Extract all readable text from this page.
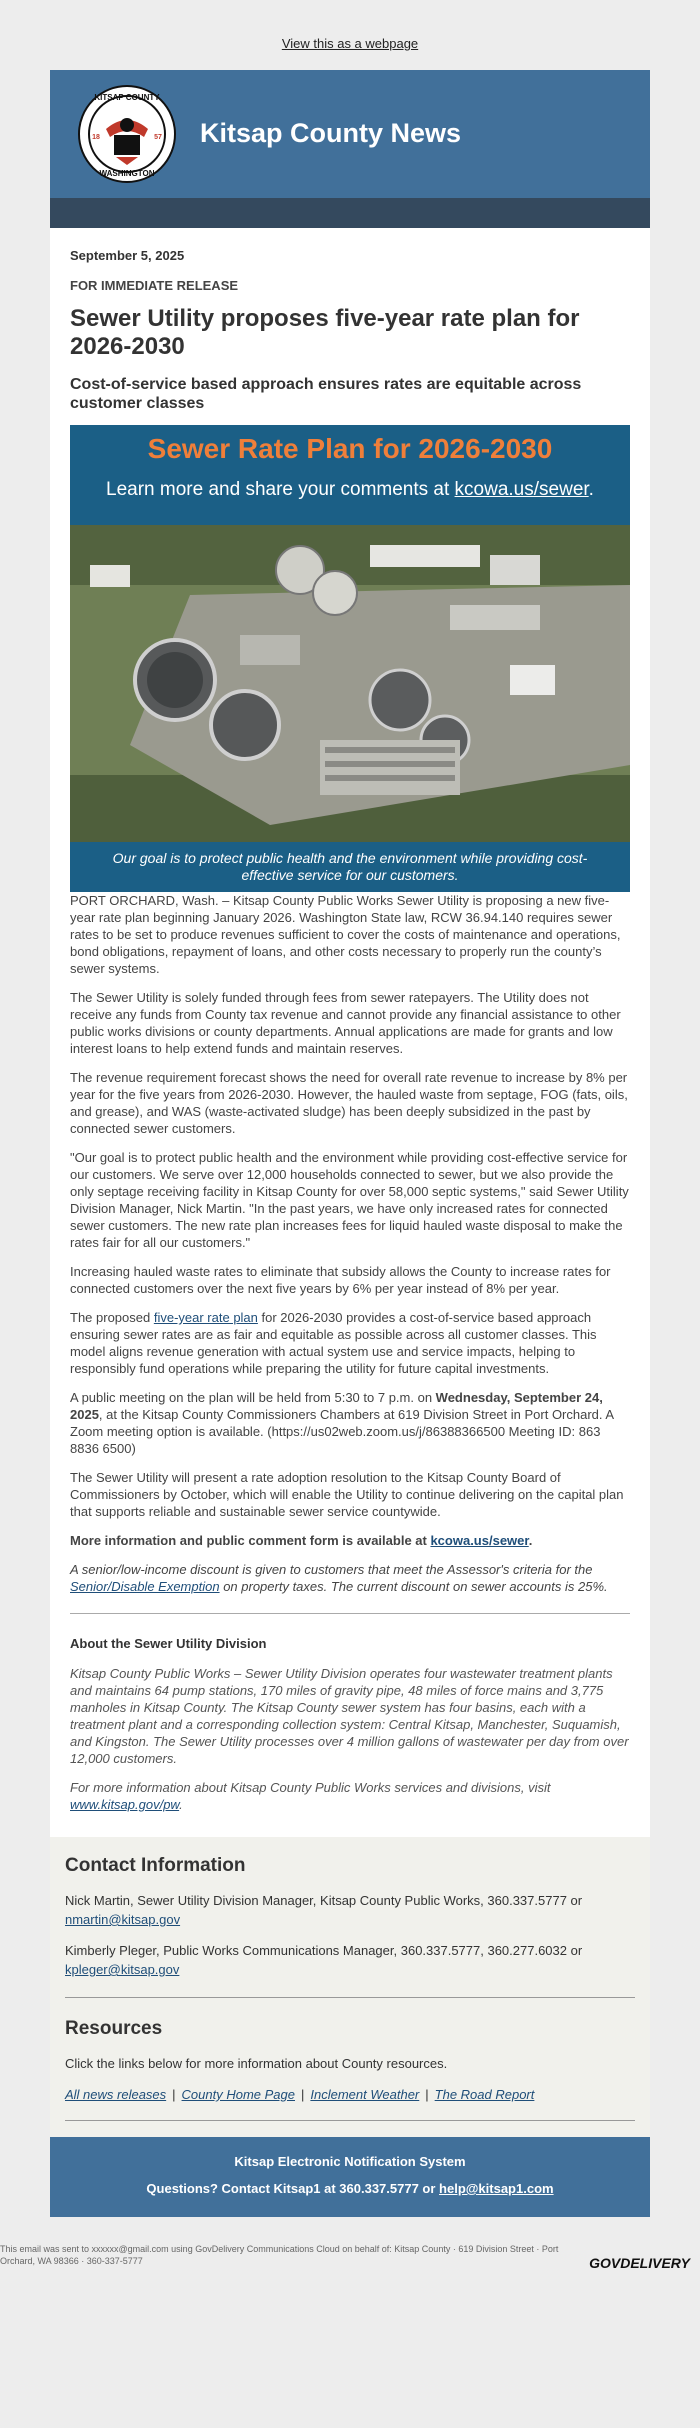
View this as a webpage
KITSAP COUNTY
WASHINGTON
18	57 Kitsap County News

September 5, 2025

FOR IMMEDIATE RELEASE

Sewer Utility proposes five-year rate plan for 2026-2030
Cost-of-service based approach ensures rates are equitable across customer classes
Sewer Rate Plan for 2026-2030
Learn more and share your comments at kcowa.us/sewer.
Our goal is to protect public health and the environment while providing cost-effective service for our customers.

PORT ORCHARD, Wash. – Kitsap County Public Works Sewer Utility is proposing a new five-year rate plan beginning January 2026. Washington State law, RCW 36.94.140 requires sewer rates to be set to produce revenues sufficient to cover the costs of maintenance and operations, bond obligations, repayment of loans, and other costs necessary to properly run the county’s sewer systems.

The Sewer Utility is solely funded through fees from sewer ratepayers. The Utility does not receive any funds from County tax revenue and cannot provide any financial assistance to other public works divisions or county departments. Annual applications are made for grants and low interest loans to help extend funds and maintain reserves.

The revenue requirement forecast shows the need for overall rate revenue to increase by 8% per year for the five years from 2026-2030. However, the hauled waste from septage, FOG (fats, oils, and grease), and WAS (waste-activated sludge) has been deeply subsidized in the past by connected sewer customers.

"Our goal is to protect public health and the environment while providing cost-effective service for our customers. We serve over 12,000 households connected to sewer, but we also provide the only septage receiving facility in Kitsap County for over 58,000 septic systems," said Sewer Utility Division Manager, Nick Martin. "In the past years, we have only increased rates for connected sewer customers. The new rate plan increases fees for liquid hauled waste disposal to make the rates fair for all our customers."

Increasing hauled waste rates to eliminate that subsidy allows the County to increase rates for connected customers over the next five years by 6% per year instead of 8% per year.

The proposed five-year rate plan for 2026-2030 provides a cost-of-service based approach ensuring sewer rates are as fair and equitable as possible across all customer classes. This model aligns revenue generation with actual system use and service impacts, helping to responsibly fund operations while preparing the utility for future capital investments.

A public meeting on the plan will be held from 5:30 to 7 p.m. on Wednesday, September 24, 2025, at the Kitsap County Commissioners Chambers at 619 Division Street in Port Orchard. A Zoom meeting option is available. (https://us02web.zoom.us/j/86388366500 Meeting ID: 863 8836 6500)

The Sewer Utility will present a rate adoption resolution to the Kitsap County Board of Commissioners by October, which will enable the Utility to continue delivering on the capital plan that supports reliable and sustainable sewer service countywide.

More information and public comment form is available at kcowa.us/sewer.

A senior/low-income discount is given to customers that meet the Assessor's criteria for the Senior/Disable Exemption on property taxes. The current discount on sewer accounts is 25%.

About the Sewer Utility Division

Kitsap County Public Works – Sewer Utility Division operates four wastewater treatment plants and maintains 64 pump stations, 170 miles of gravity pipe, 48 miles of force mains and 3,775 manholes in Kitsap County. The Kitsap County sewer system has four basins, each with a treatment plant and a corresponding collection system: Central Kitsap, Manchester, Suquamish, and Kingston. The Sewer Utility processes over 4 million gallons of wastewater per day from over 12,000 customers.

For more information about Kitsap County Public Works services and divisions, visit www.kitsap.gov/pw.

Contact Information

Nick Martin, Sewer Utility Division Manager, Kitsap County Public Works, 360.337.5777 or nmartin@kitsap.gov

Kimberly Pleger, Public Works Communications Manager, 360.337.5777, 360.277.6032 or kpleger@kitsap.gov

Resources

Click the links below for more information about County resources.

All news releases | County Home Page | Inclement Weather | The Road Report

Kitsap Electronic Notification System
Questions? Contact Kitsap1 at 360.337.5777 or help@kitsap1.com
This email was sent to xxxxxx@gmail.com using GovDelivery Communications Cloud on behalf of: Kitsap County · 619 Division Street · Port Orchard, WA 98366 · 360-337-5777	GOVDELIVERY
